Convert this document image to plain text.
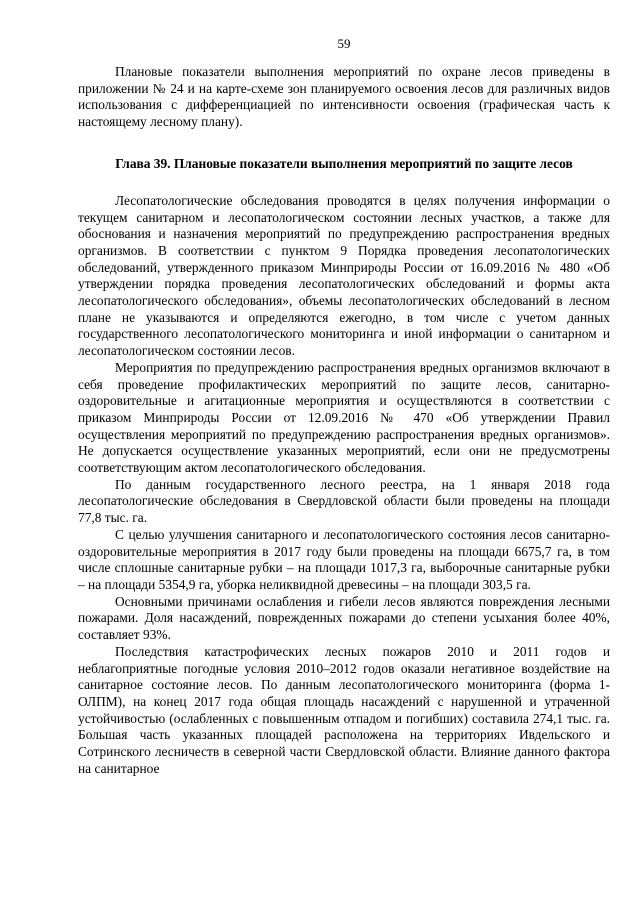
59

Плановые показатели выполнения мероприятий по охране лесов приведены в приложении № 24 и на карте-схеме зон планируемого освоения лесов для различных видов использования с дифференциацией по интенсивности освоения (графическая часть к настоящему лесному плану).

Глава 39. Плановые показатели выполнения мероприятий по защите лесов

Лесопатологические обследования проводятся в целях получения информации о текущем санитарном и лесопатологическом состоянии лесных участков, а также для обоснования и назначения мероприятий по предупреждению распространения вредных организмов. В соответствии с пунктом 9 Порядка проведения лесопатологических обследований, утвержденного приказом Минприроды России от 16.09.2016 № 480 «Об утверждении порядка проведения лесопатологических обследований и формы акта лесопатологического обследования», объемы лесопатологических обследований в лесном плане не указываются и определяются ежегодно, в том числе с учетом данных государственного лесопатологического мониторинга и иной информации о санитарном и лесопатологическом состоянии лесов.

Мероприятия по предупреждению распространения вредных организмов включают в себя проведение профилактических мероприятий по защите лесов, санитарно-оздоровительные и агитационные мероприятия и осуществляются в соответствии с приказом Минприроды России от 12.09.2016 № 470 «Об утверждении Правил осуществления мероприятий по предупреждению распространения вредных организмов». Не допускается осуществление указанных мероприятий, если они не предусмотрены соответствующим актом лесопатологического обследования.

По данным государственного лесного реестра, на 1 января 2018 года лесопатологические обследования в Свердловской области были проведены на площади 77,8 тыс. га.

С целью улучшения санитарного и лесопатологического состояния лесов санитарно-оздоровительные мероприятия в 2017 году были проведены на площади 6675,7 га, в том числе сплошные санитарные рубки – на площади 1017,3 га, выборочные санитарные рубки – на площади 5354,9 га, уборка неликвидной древесины – на площади 303,5 га.

Основными причинами ослабления и гибели лесов являются повреждения лесными пожарами. Доля насаждений, поврежденных пожарами до степени усыхания более 40%, составляет 93%.

Последствия катастрофических лесных пожаров 2010 и 2011 годов и неблагоприятные погодные условия 2010–2012 годов оказали негативное воздействие на санитарное состояние лесов. По данным лесопатологического мониторинга (форма 1-ОЛПМ), на конец 2017 года общая площадь насаждений с нарушенной и утраченной устойчивостью (ослабленных с повышенным отпадом и погибших) составила 274,1 тыс. га. Большая часть указанных площадей расположена на территориях Ивдельского и Сотринского лесничеств в северной части Свердловской области. Влияние данного фактора на санитарное
